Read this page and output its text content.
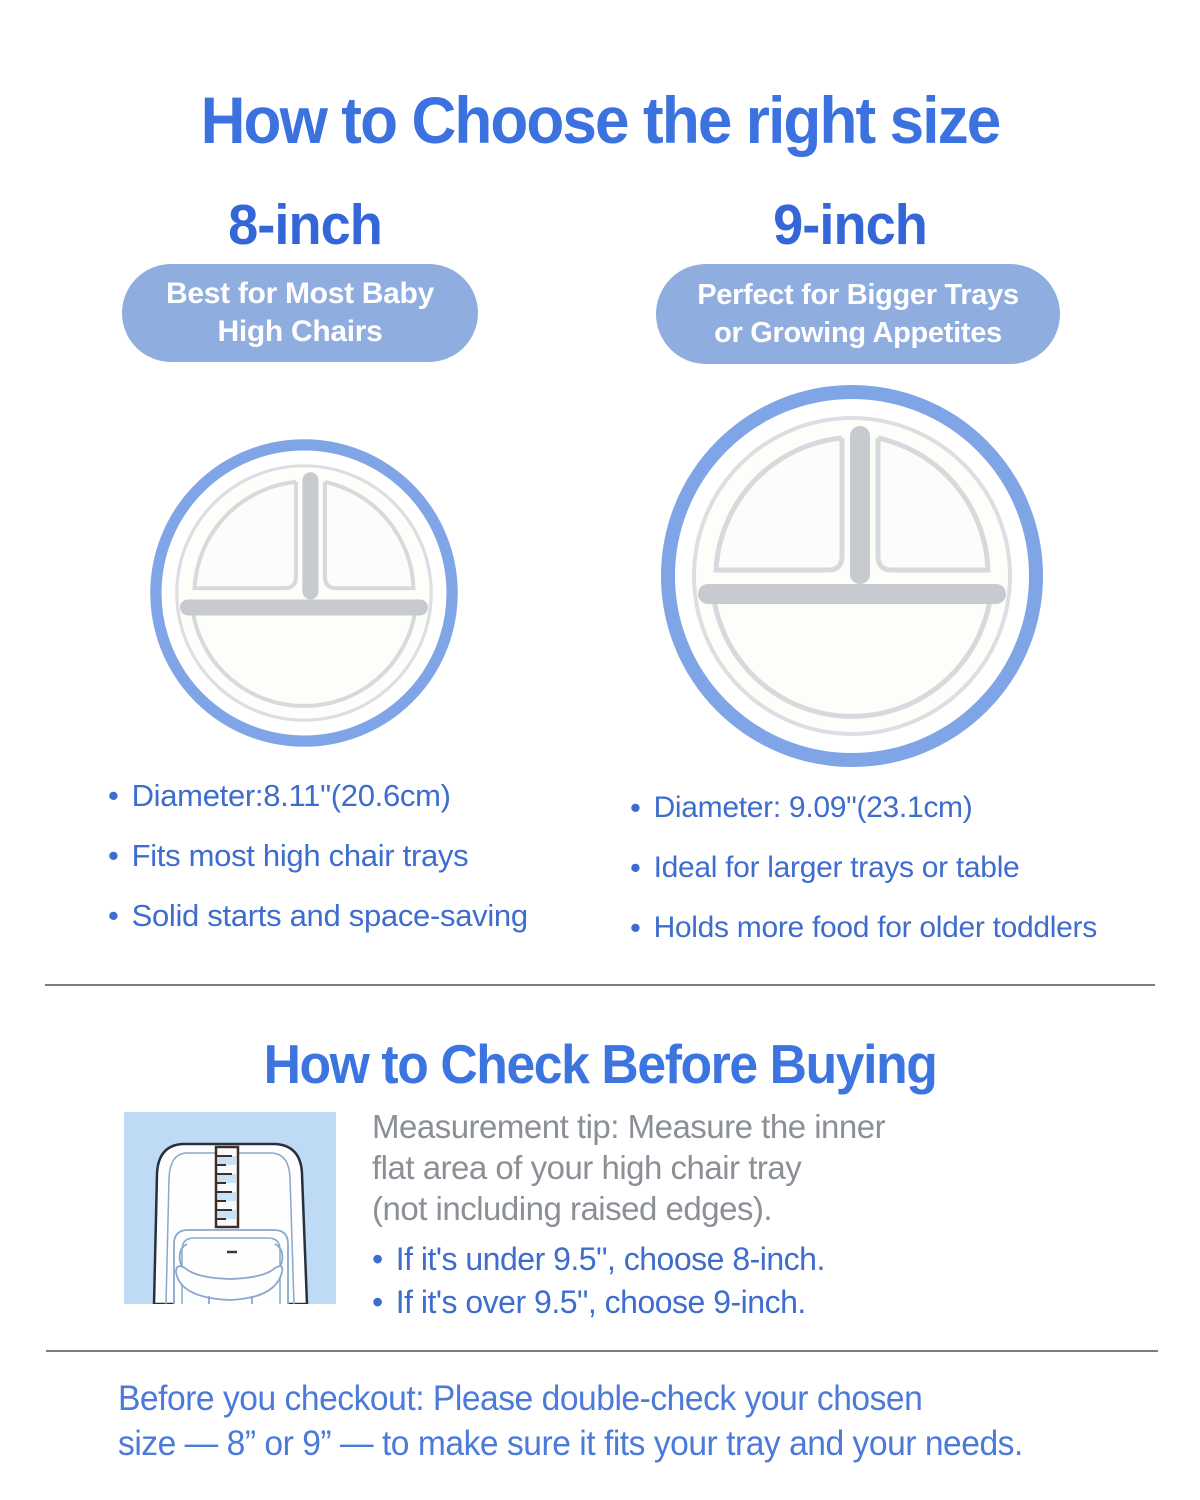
How to Choose the right size
8-inch
Best for Most Baby
High Chairs
• Diameter:8.11"(20.6cm)
• Fits most high chair trays
• Solid starts and space-saving
9-inch
Perfect for Bigger Trays
or Growing Appetites
• Diameter: 9.09"(23.1cm)
• Ideal for larger trays or table
• Holds more food for older toddlers
How to Check Before Buying
Measurement tip: Measure the inner
flat area of your high chair tray
(not including raised edges).
• If it's under 9.5", choose 8-inch.
• If it's over 9.5", choose 9-inch.
Before you checkout: Please double-check your chosen
size — 8” or 9” — to make sure it fits your tray and your needs.
